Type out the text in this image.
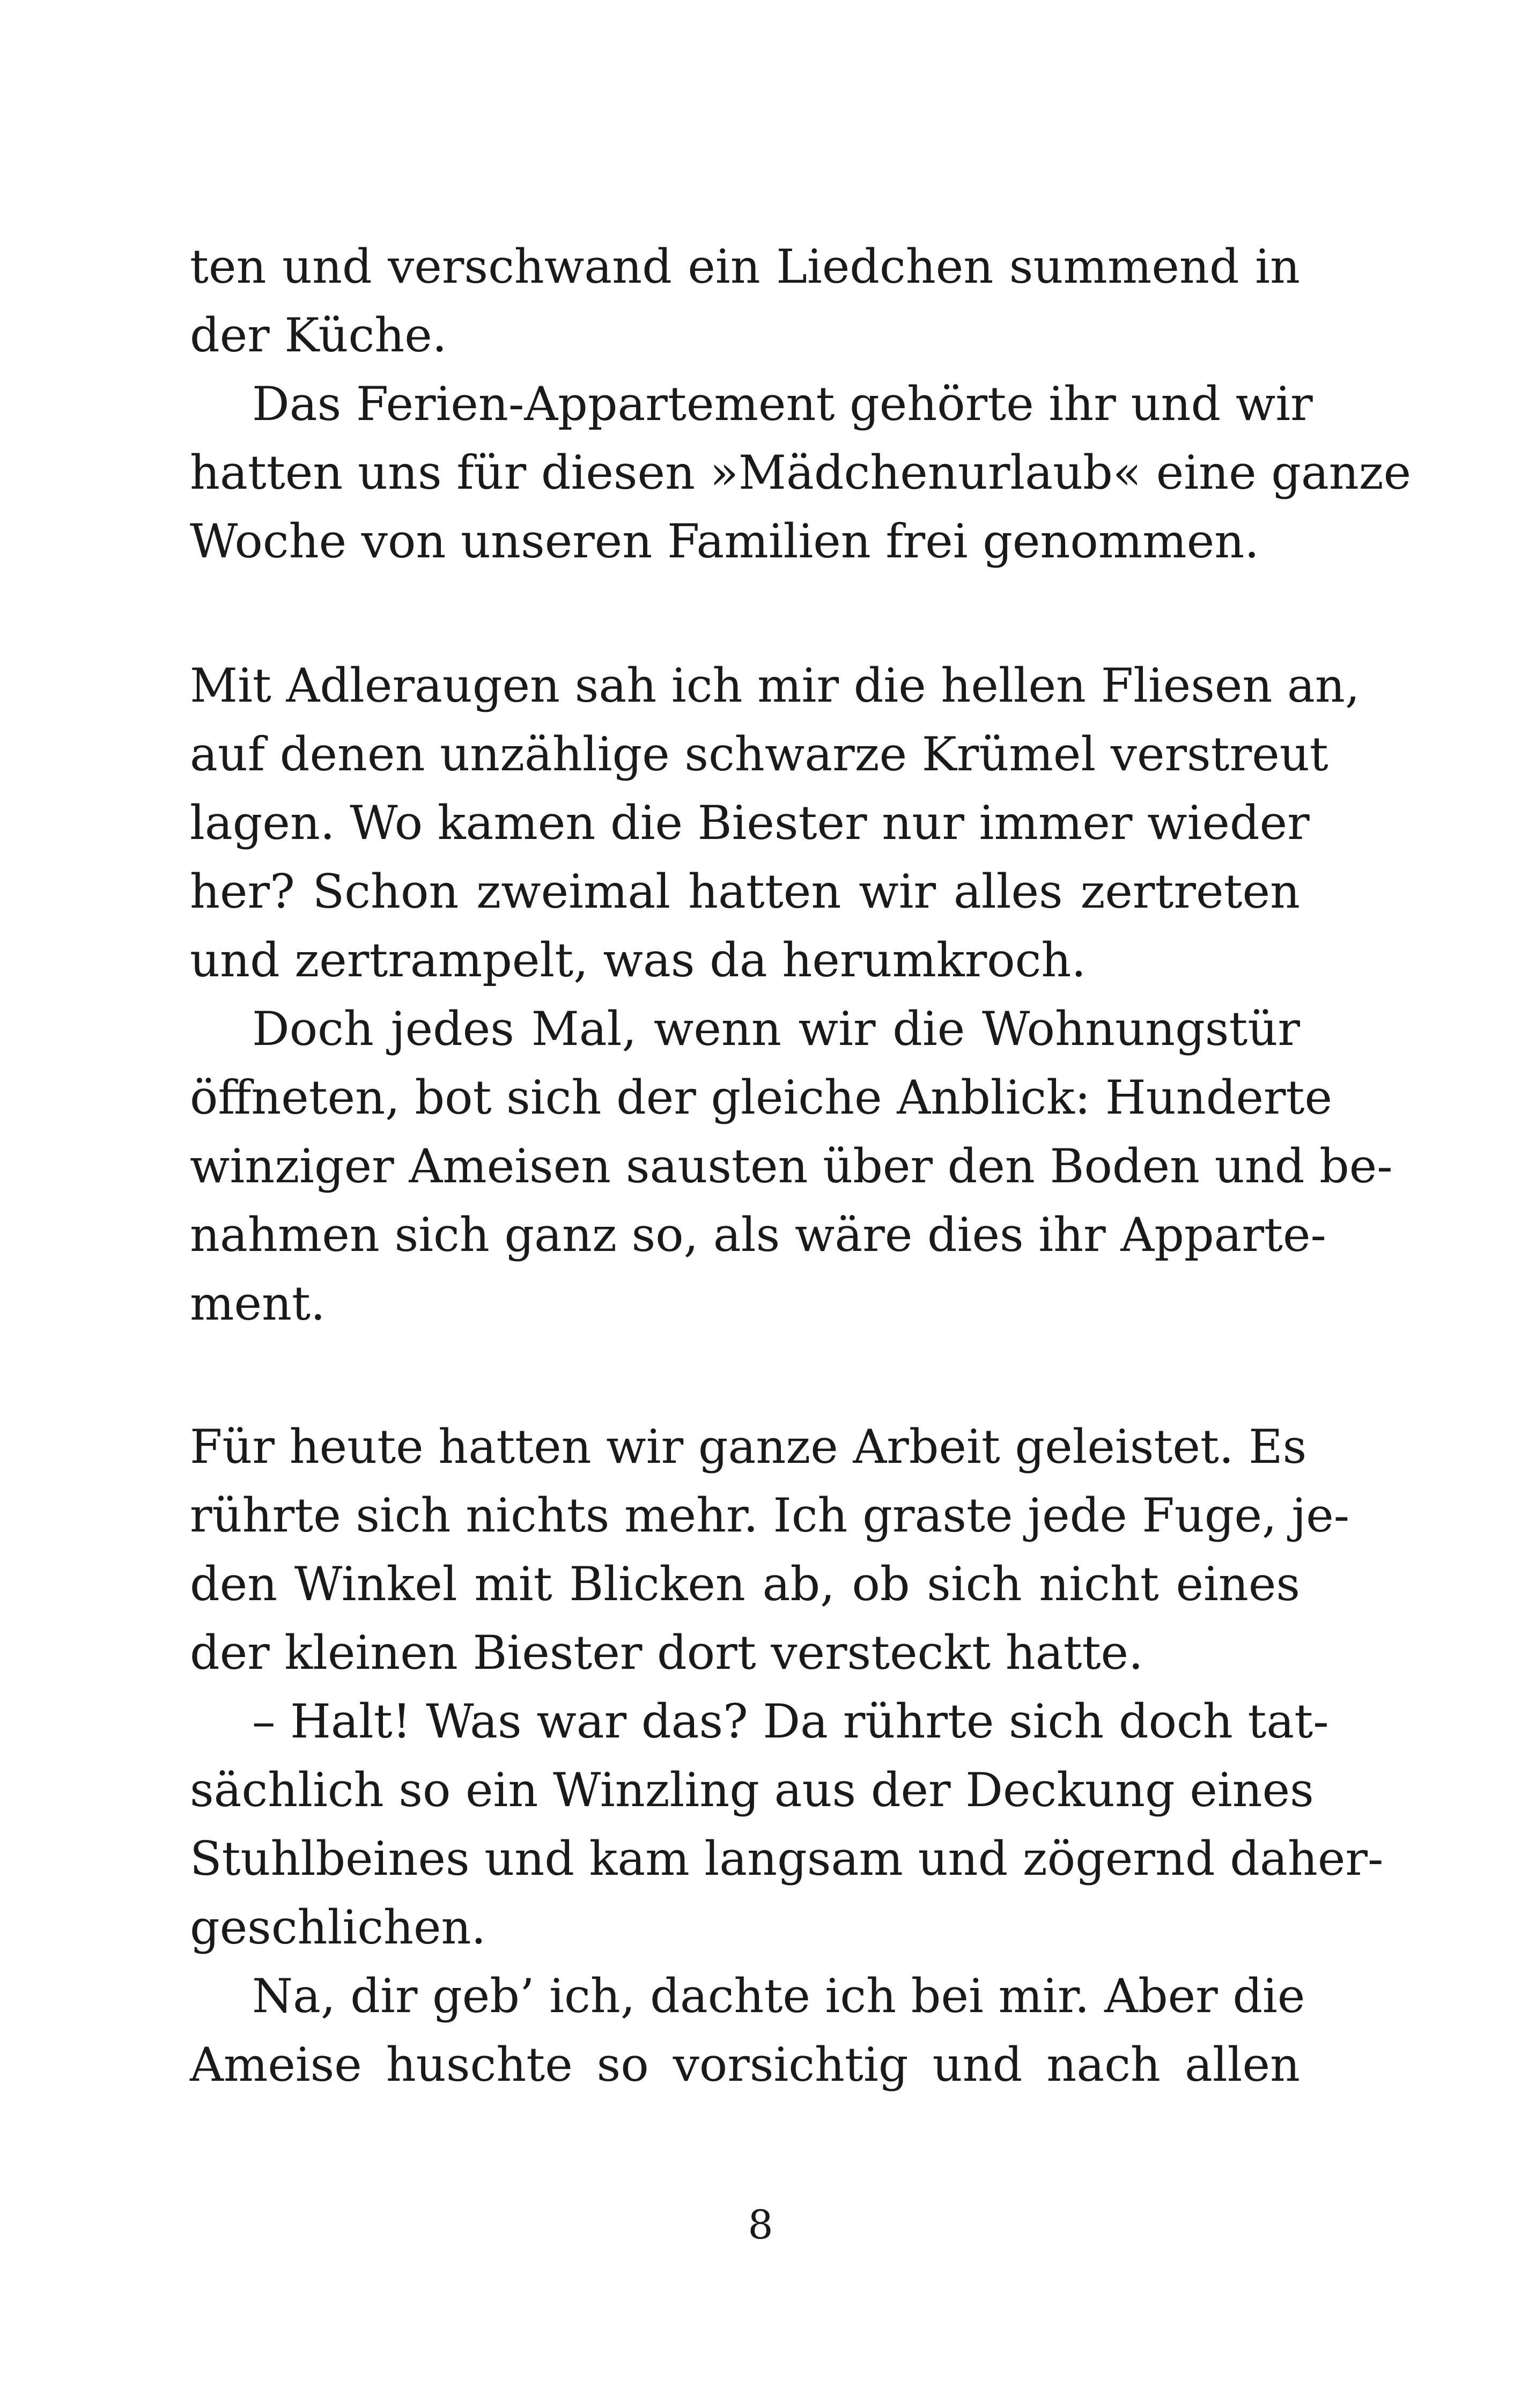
ten und verschwand ein Liedchen summend in
der Küche.
Das Ferien-Appartement gehörte ihr und wir
hatten uns für diesen »Mädchenurlaub« eine ganze
Woche von unseren Familien frei genommen.
Mit Adleraugen sah ich mir die hellen Fliesen an,
auf denen unzählige schwarze Krümel verstreut
lagen. Wo kamen die Biester nur immer wieder
her? Schon zweimal hatten wir alles zertreten
und zertrampelt, was da herumkroch.
Doch jedes Mal, wenn wir die Wohnungstür
öffneten, bot sich der gleiche Anblick: Hunderte
winziger Ameisen sausten über den Boden und be-
nahmen sich ganz so, als wäre dies ihr Apparte-
ment.
Für heute hatten wir ganze Arbeit geleistet. Es
rührte sich nichts mehr. Ich graste jede Fuge, je-
den Winkel mit Blicken ab, ob sich nicht eines
der kleinen Biester dort versteckt hatte.
– Halt! Was war das? Da rührte sich doch tat-
sächlich so ein Winzling aus der Deckung eines
Stuhlbeines und kam langsam und zögernd daher-
geschlichen.
Na, dir geb’ ich, dachte ich bei mir. Aber die
Ameise huschte so vorsichtig und nach allen
8
